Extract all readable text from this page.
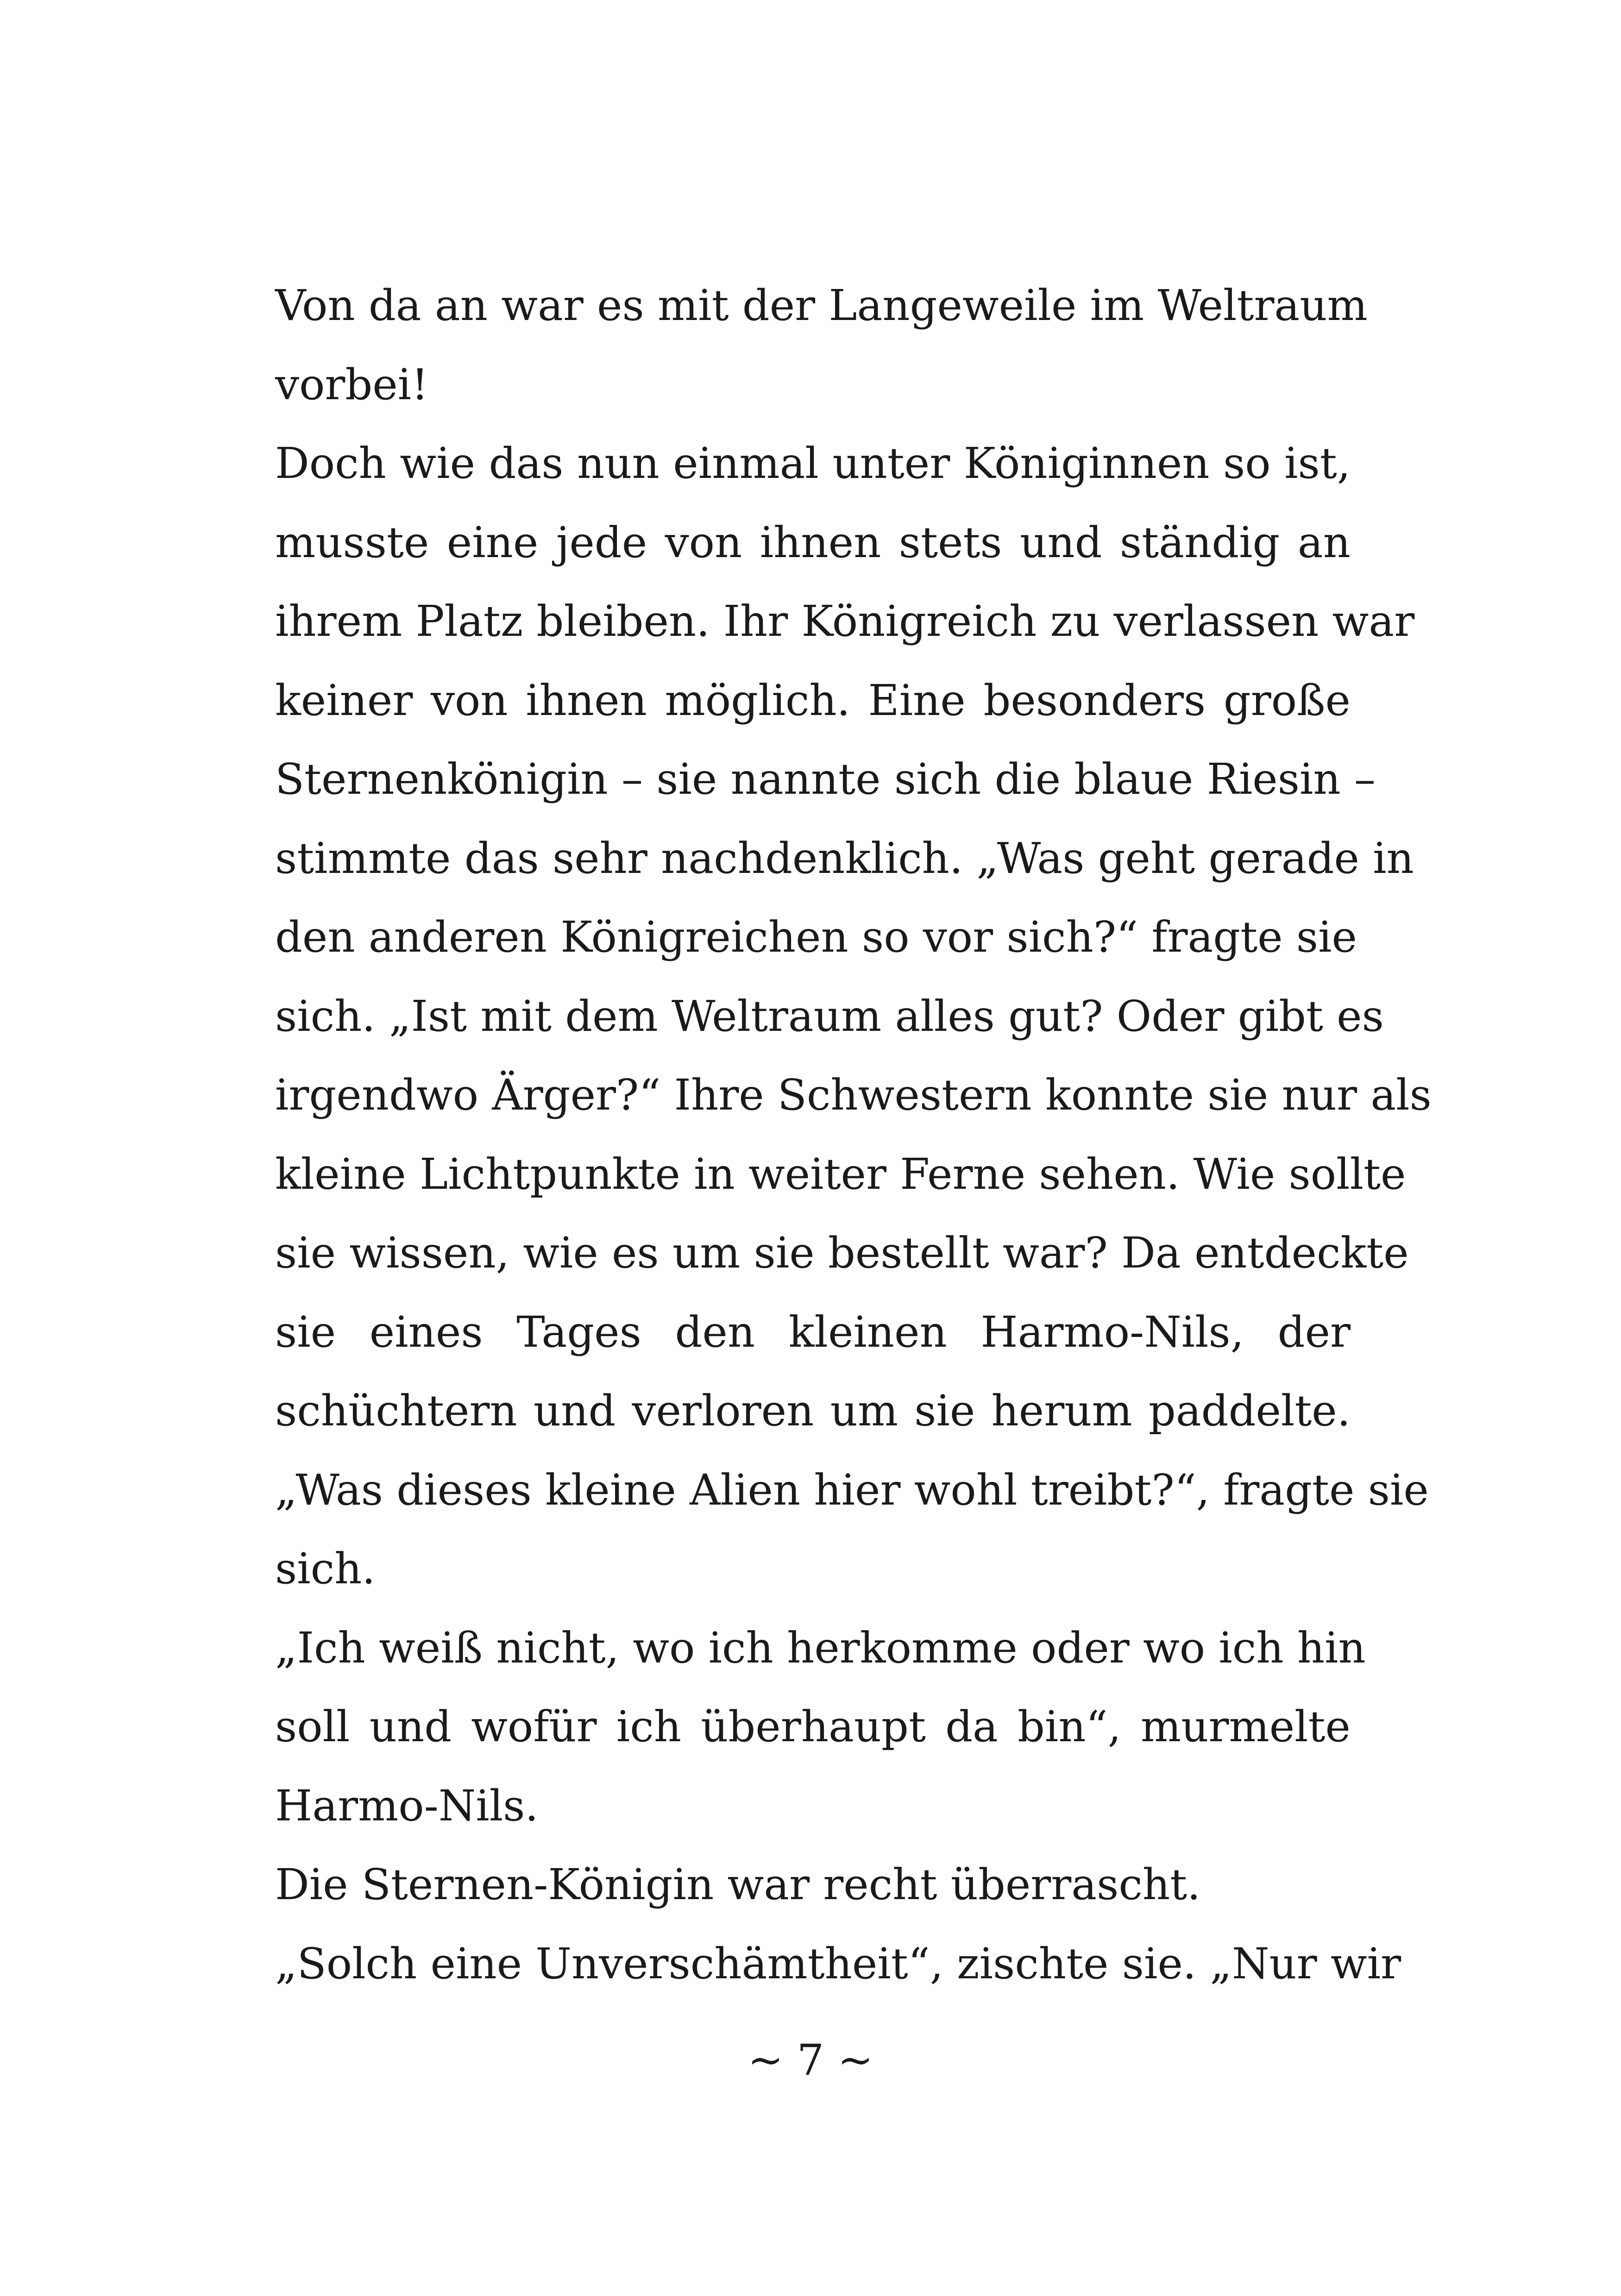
Von da an war es mit der Langeweile im Weltraum
vorbei!
Doch wie das nun einmal unter Königinnen so ist,
musste eine jede von ihnen stets und ständig an
ihrem Platz bleiben. Ihr Königreich zu verlassen war
keiner von ihnen möglich. Eine besonders große
Sternenkönigin – sie nannte sich die blaue Riesin –
stimmte das sehr nachdenklich. „Was geht gerade in
den anderen Königreichen so vor sich?“ fragte sie
sich. „Ist mit dem Weltraum alles gut? Oder gibt es
irgendwo Ärger?“ Ihre Schwestern konnte sie nur als
kleine Lichtpunkte in weiter Ferne sehen. Wie sollte
sie wissen, wie es um sie bestellt war? Da entdeckte
sie eines Tages den kleinen Harmo-Nils, der
schüchtern und verloren um sie herum paddelte.
„Was dieses kleine Alien hier wohl treibt?“, fragte sie
sich.
„Ich weiß nicht, wo ich herkomme oder wo ich hin
soll und wofür ich überhaupt da bin“, murmelte
Harmo-Nils.
Die Sternen-Königin war recht überrascht.
„Solch eine Unverschämtheit“, zischte sie. „Nur wir
~ 7 ~
